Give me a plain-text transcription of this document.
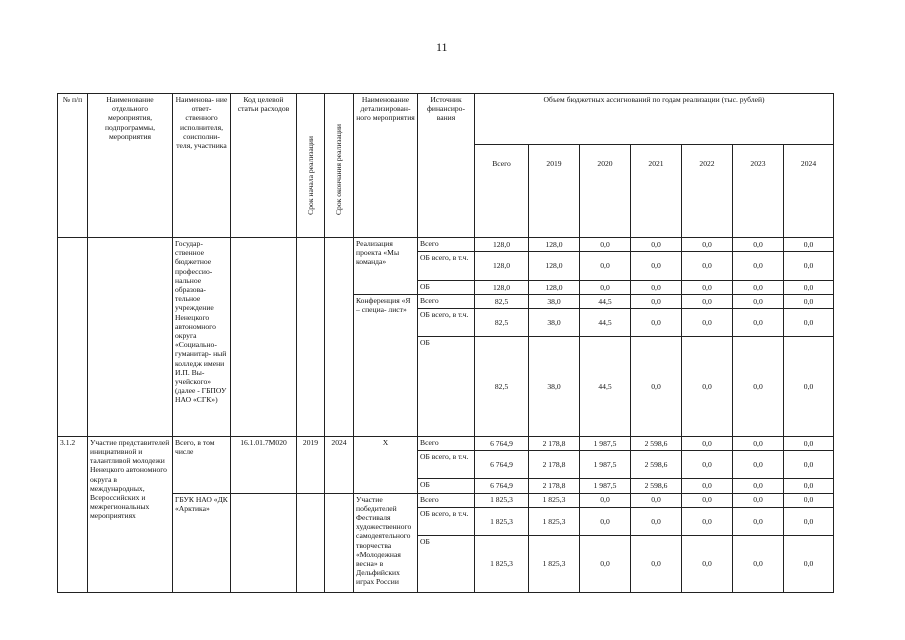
11
№ п/п	Наименование отдельного мероприятия, подпрограммы, мероприятия	Наименова- ние ответ- ственного исполнителя, соисполни- теля, участника	Код целевой статьи расходов	Срок начала реализации	Срок окончания реализации	Наименование детализирован- ного мероприятия	Источник финансиро- вания	Объем бюджетных ассигнований по годам реализации (тыс. рублей)						
								Всего	2019	2020	2021	2022	2023	2024
		Государ- ственное бюджетное профессио- нальное образова- тельное учреждение Ненецкого автономного округа «Социально- гуманитар- ный колледж имени И.П. Вы- учейского» (далее - ГБПОУ НАО «СГК»)				Реализация проекта «Мы команда»	Всего	128,0	128,0	0,0	0,0	0,0	0,0	0,0
							ОБ всего, в т.ч.	128,0	128,0	0,0	0,0	0,0	0,0	0,0
							ОБ	128,0	128,0	0,0	0,0	0,0	0,0	0,0
						Конференция «Я – специа- лист»	Всего	82,5	38,0	44,5	0,0	0,0	0,0	0,0
							ОБ всего, в т.ч.	82,5	38,0	44,5	0,0	0,0	0,0	0,0
							ОБ	82,5	38,0	44,5	0,0	0,0	0,0	0,0
3.1.2	Участие представителей инициативной и талантливой молодежи Ненецкого автономного округа в международных, Всероссийских и межрегиональных мероприятиях	Всего, в том числе	16.1.01.7М020	2019	2024	Х	Всего	6 764,9	2 178,8	1 987,5	2 598,6	0,0	0,0	0,0
							ОБ всего, в т.ч.	6 764,9	2 178,8	1 987,5	2 598,6	0,0	0,0	0,0
							ОБ	6 764,9	2 178,8	1 987,5	2 598,6	0,0	0,0	0,0
		ГБУК НАО «ДК «Арктика»				Участие победителей Фестиваля художественного самодеятельного творчества «Молодежная весна» в Дельфийских играх России	Всего	1 825,3	1 825,3	0,0	0,0	0,0	0,0	0,0
							ОБ всего, в т.ч.	1 825,3	1 825,3	0,0	0,0	0,0	0,0	0,0
							ОБ	1 825,3	1 825,3	0,0	0,0	0,0	0,0	0,0
